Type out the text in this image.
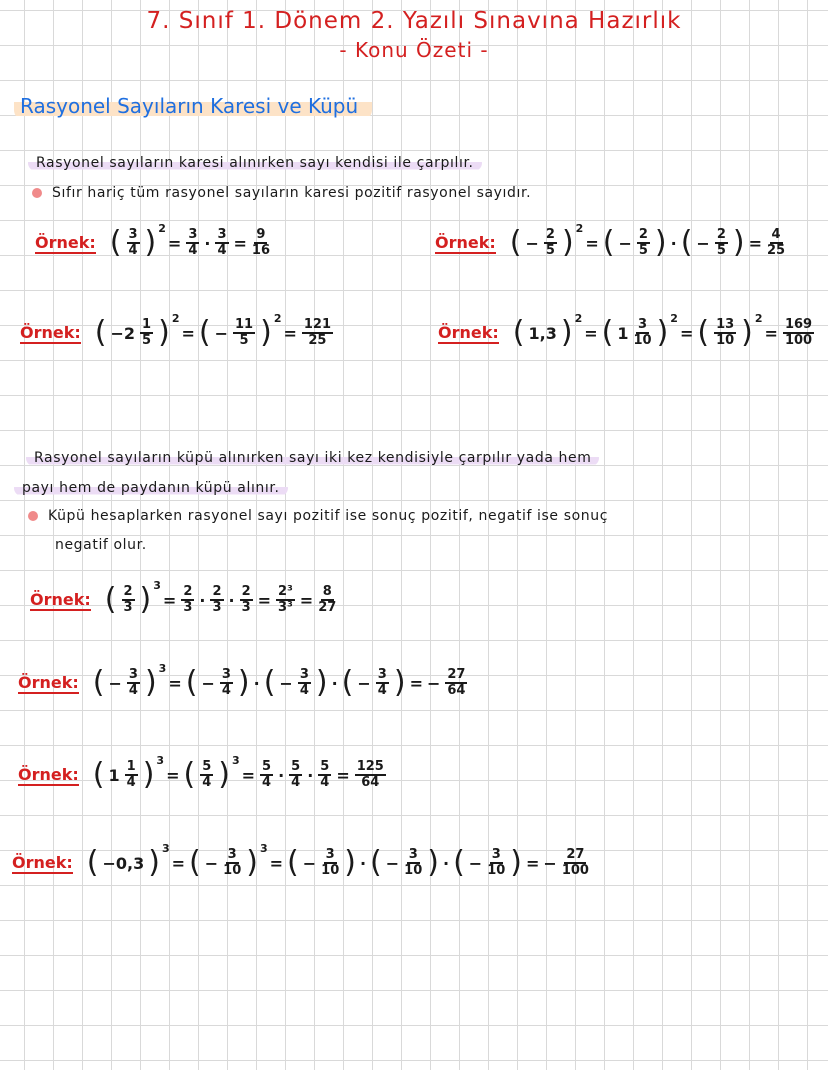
7. Sınıf 1. Dönem 2. Yazılı Sınavına Hazırlık
- Konu Özeti -
Rasyonel Sayıların Karesi ve Küpü
Rasyonel sayıların karesi alınırken sayı kendisi ile çarpılır.
Sıfır hariç tüm rasyonel sayıların karesi pozitif rasyonel sayıdır.
Örnek: ( $\frac{3}{4}$ ) 2
= $\frac{3}{4} \cdot \frac{3}{4} = \frac{9}{16}$	Örnek: ( − $\frac{2}{5}$ ) 2
= ( − $\frac{2}{5}$ ) · ( − $\frac{2}{5}$ ) = $\frac{4}{25}$
Örnek: ( $-2 \frac{1}{5}$ ) 2
= ( − $\frac{11}{5}$ ) 2
= $\frac{121}{25}$	Örnek: ( 1,3 ) 2
= ( $1 \frac{3}{10}$ ) 2
= ( $\frac{13}{10}$ ) 2
= $\frac{169}{100}$
Rasyonel sayıların küpü alınırken sayı iki kez kendisiyle çarpılır yada hem
payı hem de paydanın küpü alınır.
Küpü hesaplarken rasyonel sayı pozitif ise sonuç pozitif, negatif ise sonuç
negatif olur.
Örnek: ( $\frac{2}{3}$ ) 3
= $\frac{2}{3} \cdot \frac{2}{3} \cdot \frac{2}{3} = \frac{\text{2³}}{\text{3³}} = \frac{8}{27}$
Örnek: ( − $\frac{3}{4}$ ) 3
= ( − $\frac{3}{4}$ ) · ( − $\frac{3}{4}$ ) · ( − $\frac{3}{4}$ ) = − $\frac{27}{64}$
Örnek: ( $1 \frac{1}{4}$ ) 3
= ( $\frac{5}{4}$ ) 3
= $\frac{5}{4} \cdot \frac{5}{4} \cdot \frac{5}{4} = \frac{125}{64}$
Örnek: ( −0,3 ) 3
= ( − $\frac{3}{10}$ ) 3
= ( − $\frac{3}{10}$ ) · ( − $\frac{3}{10}$ ) · ( − $\frac{3}{10}$ ) = − $\frac{27}{100}$
